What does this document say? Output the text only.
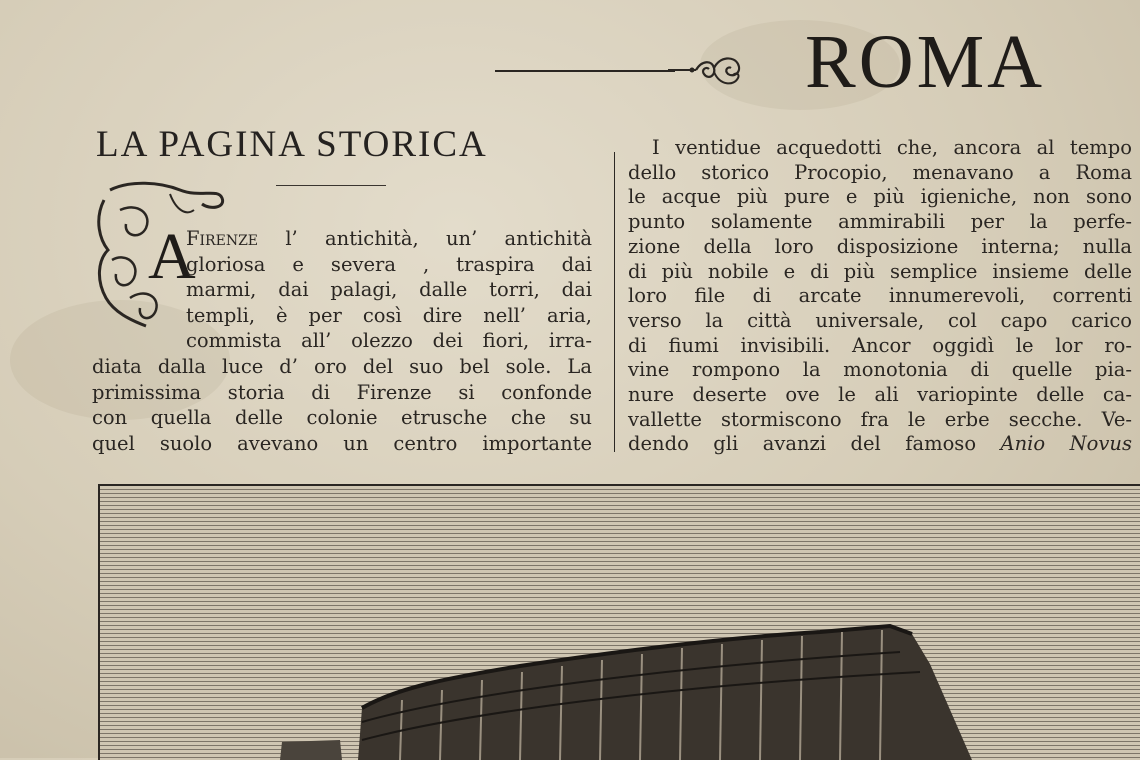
ROMA
LA PAGINA STORICA
A
Firenze l’ antichità, un’ antichità
gloriosa e severa , traspira dai
marmi, dai palagi, dalle torri, dai
templi, è per così dire nell’ aria,
commista all’ olezzo dei fiori, irra-
diata dalla luce d’ oro del suo bel sole. La
primissima storia di Firenze si confonde
con quella delle colonie etrusche che su
quel suolo avevano un centro importante
I ventidue acquedotti che, ancora al tempo
dello storico Procopio, menavano a Roma
le acque più pure e più igieniche, non sono
punto solamente ammirabili per la perfe-
zione della loro disposizione interna; nulla
di più nobile e di più semplice insieme delle
loro file di arcate innumerevoli, correnti
verso la città universale, col capo carico
di fiumi invisibili. Ancor oggidì le lor ro-
vine rompono la monotonia di quelle pia-
nure deserte ove le ali variopinte delle ca-
vallette stormiscono fra le erbe secche. Ve-
dendo gli avanzi del famoso Anio Novus
